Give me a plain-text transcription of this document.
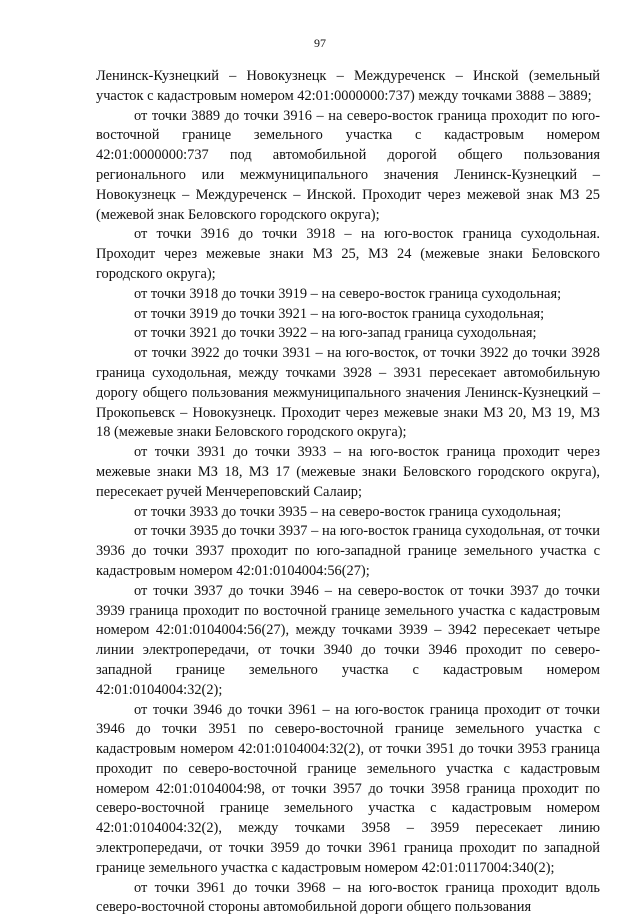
97

Ленинск-Кузнецкий – Новокузнецк – Междуреченск – Инской (земельный участок с кадастровым номером 42:01:0000000:737) между точками 3888 – 3889;

от точки 3889 до точки 3916 – на северо-восток граница проходит по юго-восточной границе земельного участка с кадастровым номером 42:01:0000000:737 под автомобильной дорогой общего пользования регионального или межмуниципального значения Ленинск-Кузнецкий – Новокузнецк – Междуреченск – Инской. Проходит через межевой знак МЗ 25 (межевой знак Беловского городского округа);

от точки 3916 до точки 3918 – на юго-восток граница суходольная. Проходит через межевые знаки МЗ 25, МЗ 24 (межевые знаки Беловского городского округа);

от точки 3918 до точки 3919 – на северо-восток граница суходольная;

от точки 3919 до точки 3921 – на юго-восток граница суходольная;

от точки 3921 до точки 3922 – на юго-запад граница суходольная;

от точки 3922 до точки 3931 – на юго-восток, от точки 3922 до точки 3928 граница суходольная, между точками 3928 – 3931 пересекает автомобильную дорогу общего пользования межмуниципального значения Ленинск-Кузнецкий – Прокопьевск – Новокузнецк. Проходит через межевые знаки МЗ 20, МЗ 19, МЗ 18 (межевые знаки Беловского городского округа);

от точки 3931 до точки 3933 – на юго-восток граница проходит через межевые знаки МЗ 18, МЗ 17 (межевые знаки Беловского городского округа), пересекает ручей Менчереповский Салаир;

от точки 3933 до точки 3935 – на северо-восток граница суходольная;

от точки 3935 до точки 3937 – на юго-восток граница суходольная, от точки 3936 до точки 3937 проходит по юго-западной границе земельного участка с кадастровым номером 42:01:0104004:56(27);

от точки 3937 до точки 3946 – на северо-восток от точки 3937 до точки 3939 граница проходит по восточной границе земельного участка с кадастровым номером 42:01:0104004:56(27), между точками 3939 – 3942 пересекает четыре линии электропередачи, от точки 3940 до точки 3946 проходит по северо-западной границе земельного участка с кадастровым номером 42:01:0104004:32(2);

от точки 3946 до точки 3961 – на юго-восток граница проходит от точки 3946 до точки 3951 по северо-восточной границе земельного участка с кадастровым номером 42:01:0104004:32(2), от точки 3951 до точки 3953 граница проходит по северо-восточной границе земельного участка с кадастровым номером 42:01:0104004:98, от точки 3957 до точки 3958 граница проходит по северо-восточной границе земельного участка с кадастровым номером 42:01:0104004:32(2), между точками 3958 – 3959 пересекает линию электропередачи, от точки 3959 до точки 3961 граница проходит по западной границе земельного участка с кадастровым номером 42:01:0117004:340(2);

от точки 3961 до точки 3968 – на юго-восток граница проходит вдоль северо-восточной стороны автомобильной дороги общего пользования
